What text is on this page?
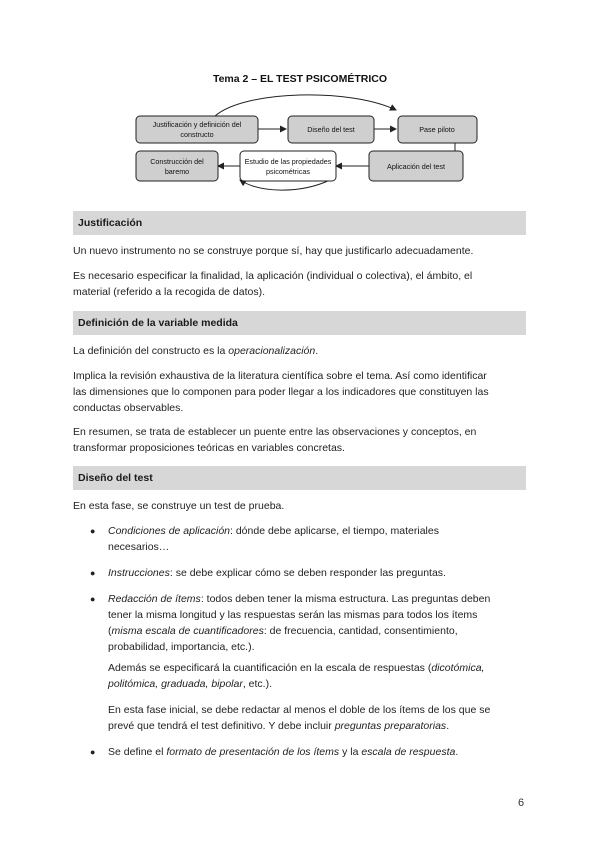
Tema 2 – EL TEST PSICOMÉTRICO
Justificación y definición del
constructo
Diseño del test	Pase piloto
Construcción del
baremo
Estudio de las propiedades
psicométricas
Aplicación del test
Justificación

Un nuevo instrumento no se construye porque sí, hay que justificarlo adecuadamente.

Es necesario especificar la finalidad, la aplicación (individual o colectiva), el ámbito, el
material (referido a la recogida de datos).

Definición de la variable medida

La definición del constructo es la operacionalización.

Implica la revisión exhaustiva de la literatura científica sobre el tema. Así como identificar
las dimensiones que lo componen para poder llegar a los indicadores que constituyen las
conductas observables.

En resumen, se trata de establecer un puente entre las observaciones y conceptos, en
transformar proposiciones teóricas en variables concretas.

Diseño del test

En esta fase, se construye un test de prueba.

●	Condiciones de aplicación: dónde debe aplicarse, el tiempo, materiales
necesarios…

●	Instrucciones: se debe explicar cómo se deben responder las preguntas.

●	Redacción de ítems: todos deben tener la misma estructura. Las preguntas deben
tener la misma longitud y las respuestas serán las mismas para todos los ítems
(misma escala de cuantificadores: de frecuencia, cantidad, consentimiento,
probabilidad, importancia, etc.).

Además se especificará la cuantificación en la escala de respuestas (dicotómica,
politómica, graduada, bipolar, etc.).

En esta fase inicial, se debe redactar al menos el doble de los ítems de los que se
prevé que tendrá el test definitivo. Y debe incluir preguntas preparatorias.

●	Se define el formato de presentación de los ítems y la escala de respuesta.

6
